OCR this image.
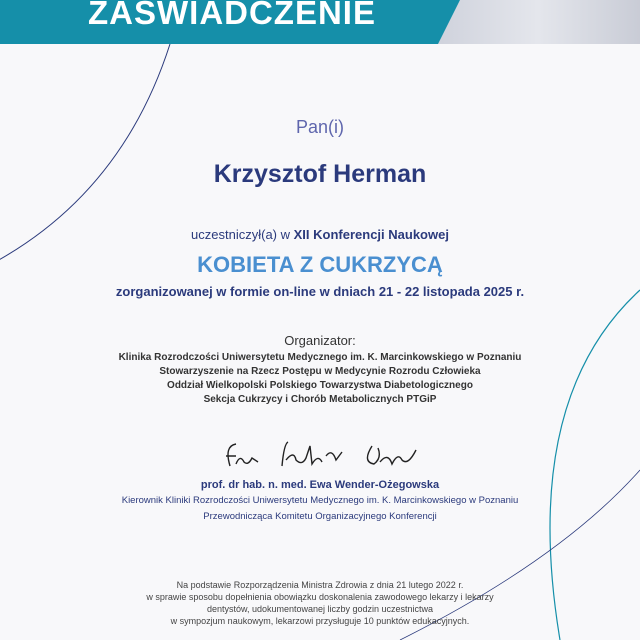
ZASWIADCZENIE
Pan(i)
Krzysztof Herman
uczestniczył(a) w XII Konferencji Naukowej
KOBIETA Z CUKRZYCĄ
zorganizowanej w formie on-line w dniach 21 - 22 listopada 2025 r.
Organizator:
Klinika Rozrodczości Uniwersytetu Medycznego im. K. Marcinkowskiego w Poznaniu
Stowarzyszenie na Rzecz Postępu w Medycynie Rozrodu Człowieka
Oddział Wielkopolski Polskiego Towarzystwa Diabetologicznego
Sekcja Cukrzycy i Chorób Metabolicznych PTGiP
prof. dr hab. n. med. Ewa Wender-Ożegowska
Kierownik Kliniki Rozrodczości Uniwersytetu Medycznego im. K. Marcinkowskiego w Poznaniu
Przewodnicząca Komitetu Organizacyjnego Konferencji
Na podstawie Rozporządzenia Ministra Zdrowia z dnia 21 lutego 2022 r.
w sprawie sposobu dopełnienia obowiązku doskonalenia zawodowego lekarzy i lekarzy
dentystów, udokumentowanej liczby godzin uczestnictwa
w sympozjum naukowym, lekarzowi przysługuje 10 punktów edukacyjnych.
